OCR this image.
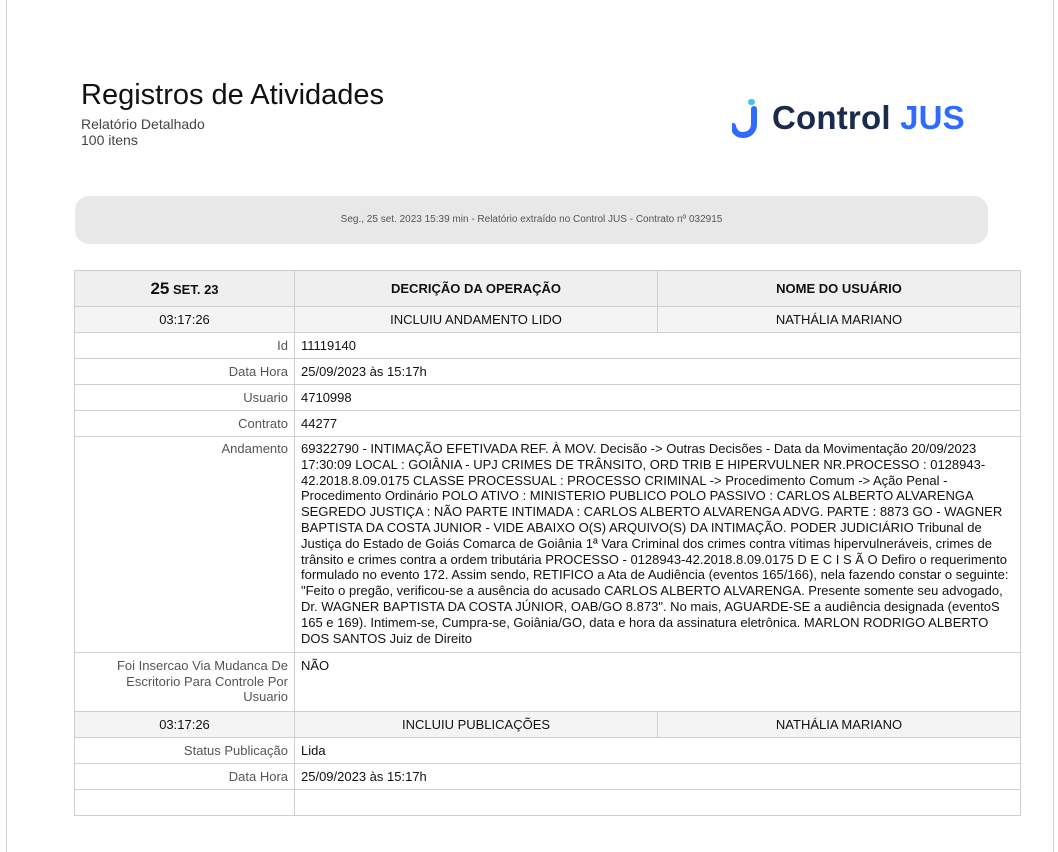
Registros de Atividades
Relatório Detalhado
100 itens
Control JUS
Seg., 25 set. 2023 15:39 min - Relatório extraído no Control JUS - Contrato nº 032915
25 SET. 23	DECRIÇÃO DA OPERAÇÃO	NOME DO USUÁRIO
03:17:26	INCLUIU ANDAMENTO LIDO	NATHÁLIA MARIANO
Id	11119140	
Data Hora	25/09/2023 às 15:17h	
Usuario	4710998	
Contrato	44277	
Andamento	69322790 - INTIMAÇÃO EFETIVADA REF. À MOV. Decisão -> Outras Decisões - Data da Movimentação 20/09/2023 17:30:09 LOCAL : GOIÂNIA - UPJ CRIMES DE TRÂNSITO, ORD TRIB E HIPERVULNER NR.PROCESSO : 0128943-42.2018.8.09.0175 CLASSE PROCESSUAL : PROCESSO CRIMINAL -> Procedimento Comum -> Ação Penal - Procedimento Ordinário POLO ATIVO : MINISTERIO PUBLICO POLO PASSIVO : CARLOS ALBERTO ALVARENGA SEGREDO JUSTIÇA : NÃO PARTE INTIMADA : CARLOS ALBERTO ALVARENGA ADVG. PARTE : 8873 GO - WAGNER BAPTISTA DA COSTA JUNIOR - VIDE ABAIXO O(S) ARQUIVO(S) DA INTIMAÇÃO. PODER JUDICIÁRIO Tribunal de Justiça do Estado de Goiás Comarca de Goiânia 1ª Vara Criminal dos crimes contra vítimas hipervulneráveis, crimes de trânsito e crimes contra a ordem tributária PROCESSO - 0128943-42.2018.8.09.0175 D E C I S Ã O Defiro o requerimento formulado no evento 172. Assim sendo, RETIFICO a Ata de Audiência (eventos 165/166), nela fazendo constar o seguinte: "Feito o pregão, verificou-se a ausência do acusado CARLOS ALBERTO ALVARENGA. Presente somente seu advogado, Dr. WAGNER BAPTISTA DA COSTA JÚNIOR, OAB/GO 8.873". No mais, AGUARDE-SE a audiência designada (eventoS 165 e 169). Intimem-se, Cumpra-se, Goiânia/GO, data e hora da assinatura eletrônica. MARLON RODRIGO ALBERTO DOS SANTOS Juiz de Direito	
Foi Insercao Via Mudanca De Escritorio Para Controle Por Usuario	NÃO	
03:17:26	INCLUIU PUBLICAÇÕES	NATHÁLIA MARIANO
Status Publicação	Lida	
Data Hora	25/09/2023 às 15:17h	
